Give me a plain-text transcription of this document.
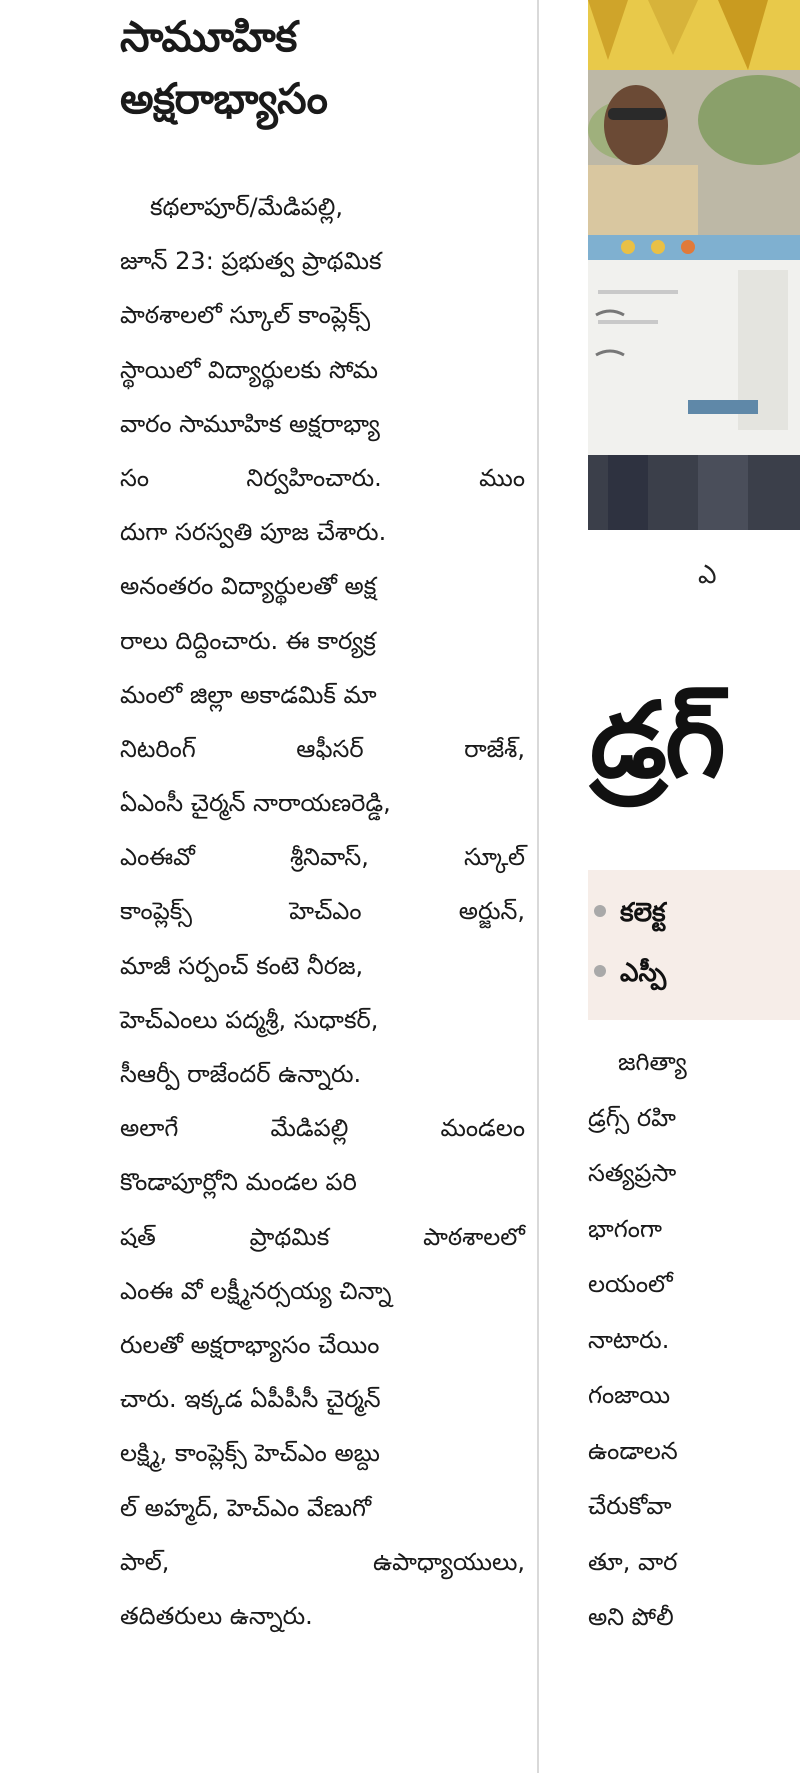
సామూహిక
అక్షరాభ్యాసం
కథలాపూర్/మేడిపల్లి,
జూన్ 23: ప్రభుత్వ ప్రాథమిక
పాఠశాలలో స్కూల్ కాంప్లెక్స్
స్థాయిలో విద్యార్థులకు సోమ
వారం సామూహిక అక్షరాభ్యా
సం నిర్వహించారు. ముం
దుగా సరస్వతి పూజ చేశారు.
అనంతరం విద్యార్థులతో అక్ష
రాలు దిద్దించారు. ఈ కార్యక్ర
మంలో జిల్లా అకాడమిక్ మా
నిటరింగ్ ఆఫీసర్ రాజేశ్,
ఏఎంసీ చైర్మన్ నారాయణరెడ్డి,
ఎంఈవో శ్రీనివాస్, స్కూల్
కాంప్లెక్స్ హెచ్ఎం అర్జున్,
మాజీ సర్పంచ్ కంటె నీరజ,
హెచ్ఎంలు పద్మశ్రీ, సుధాకర్,
సీఆర్పీ రాజేందర్ ఉన్నారు.
అలాగే మేడిపల్లి మండలం
కొండాపూర్లోని మండల పరి
షత్ ప్రాథమిక పాఠశాలలో
ఎంఈ వో లక్ష్మీనర్సయ్య చిన్నా
రులతో అక్షరాభ్యాసం చేయిం
చారు. ఇక్కడ ఏపీపీసీ చైర్మన్
లక్ష్మి, కాంప్లెక్స్ హెచ్ఎం అబ్దు
ల్ అహ్మద్, హెచ్ఎం వేణుగో
పాల్, ఉపాధ్యాయులు,
తదితరులు ఉన్నారు.
ఎ
డ్రగ్
కలెక్ట
ఎస్పీ
జగిత్యా
డ్రగ్స్ రహి
సత్యప్రసా
భాగంగా
లయంలో
నాటారు.
గంజాయి
ఉండాలన
చేరుకోవా
తూ, వార
అని పోలీ
